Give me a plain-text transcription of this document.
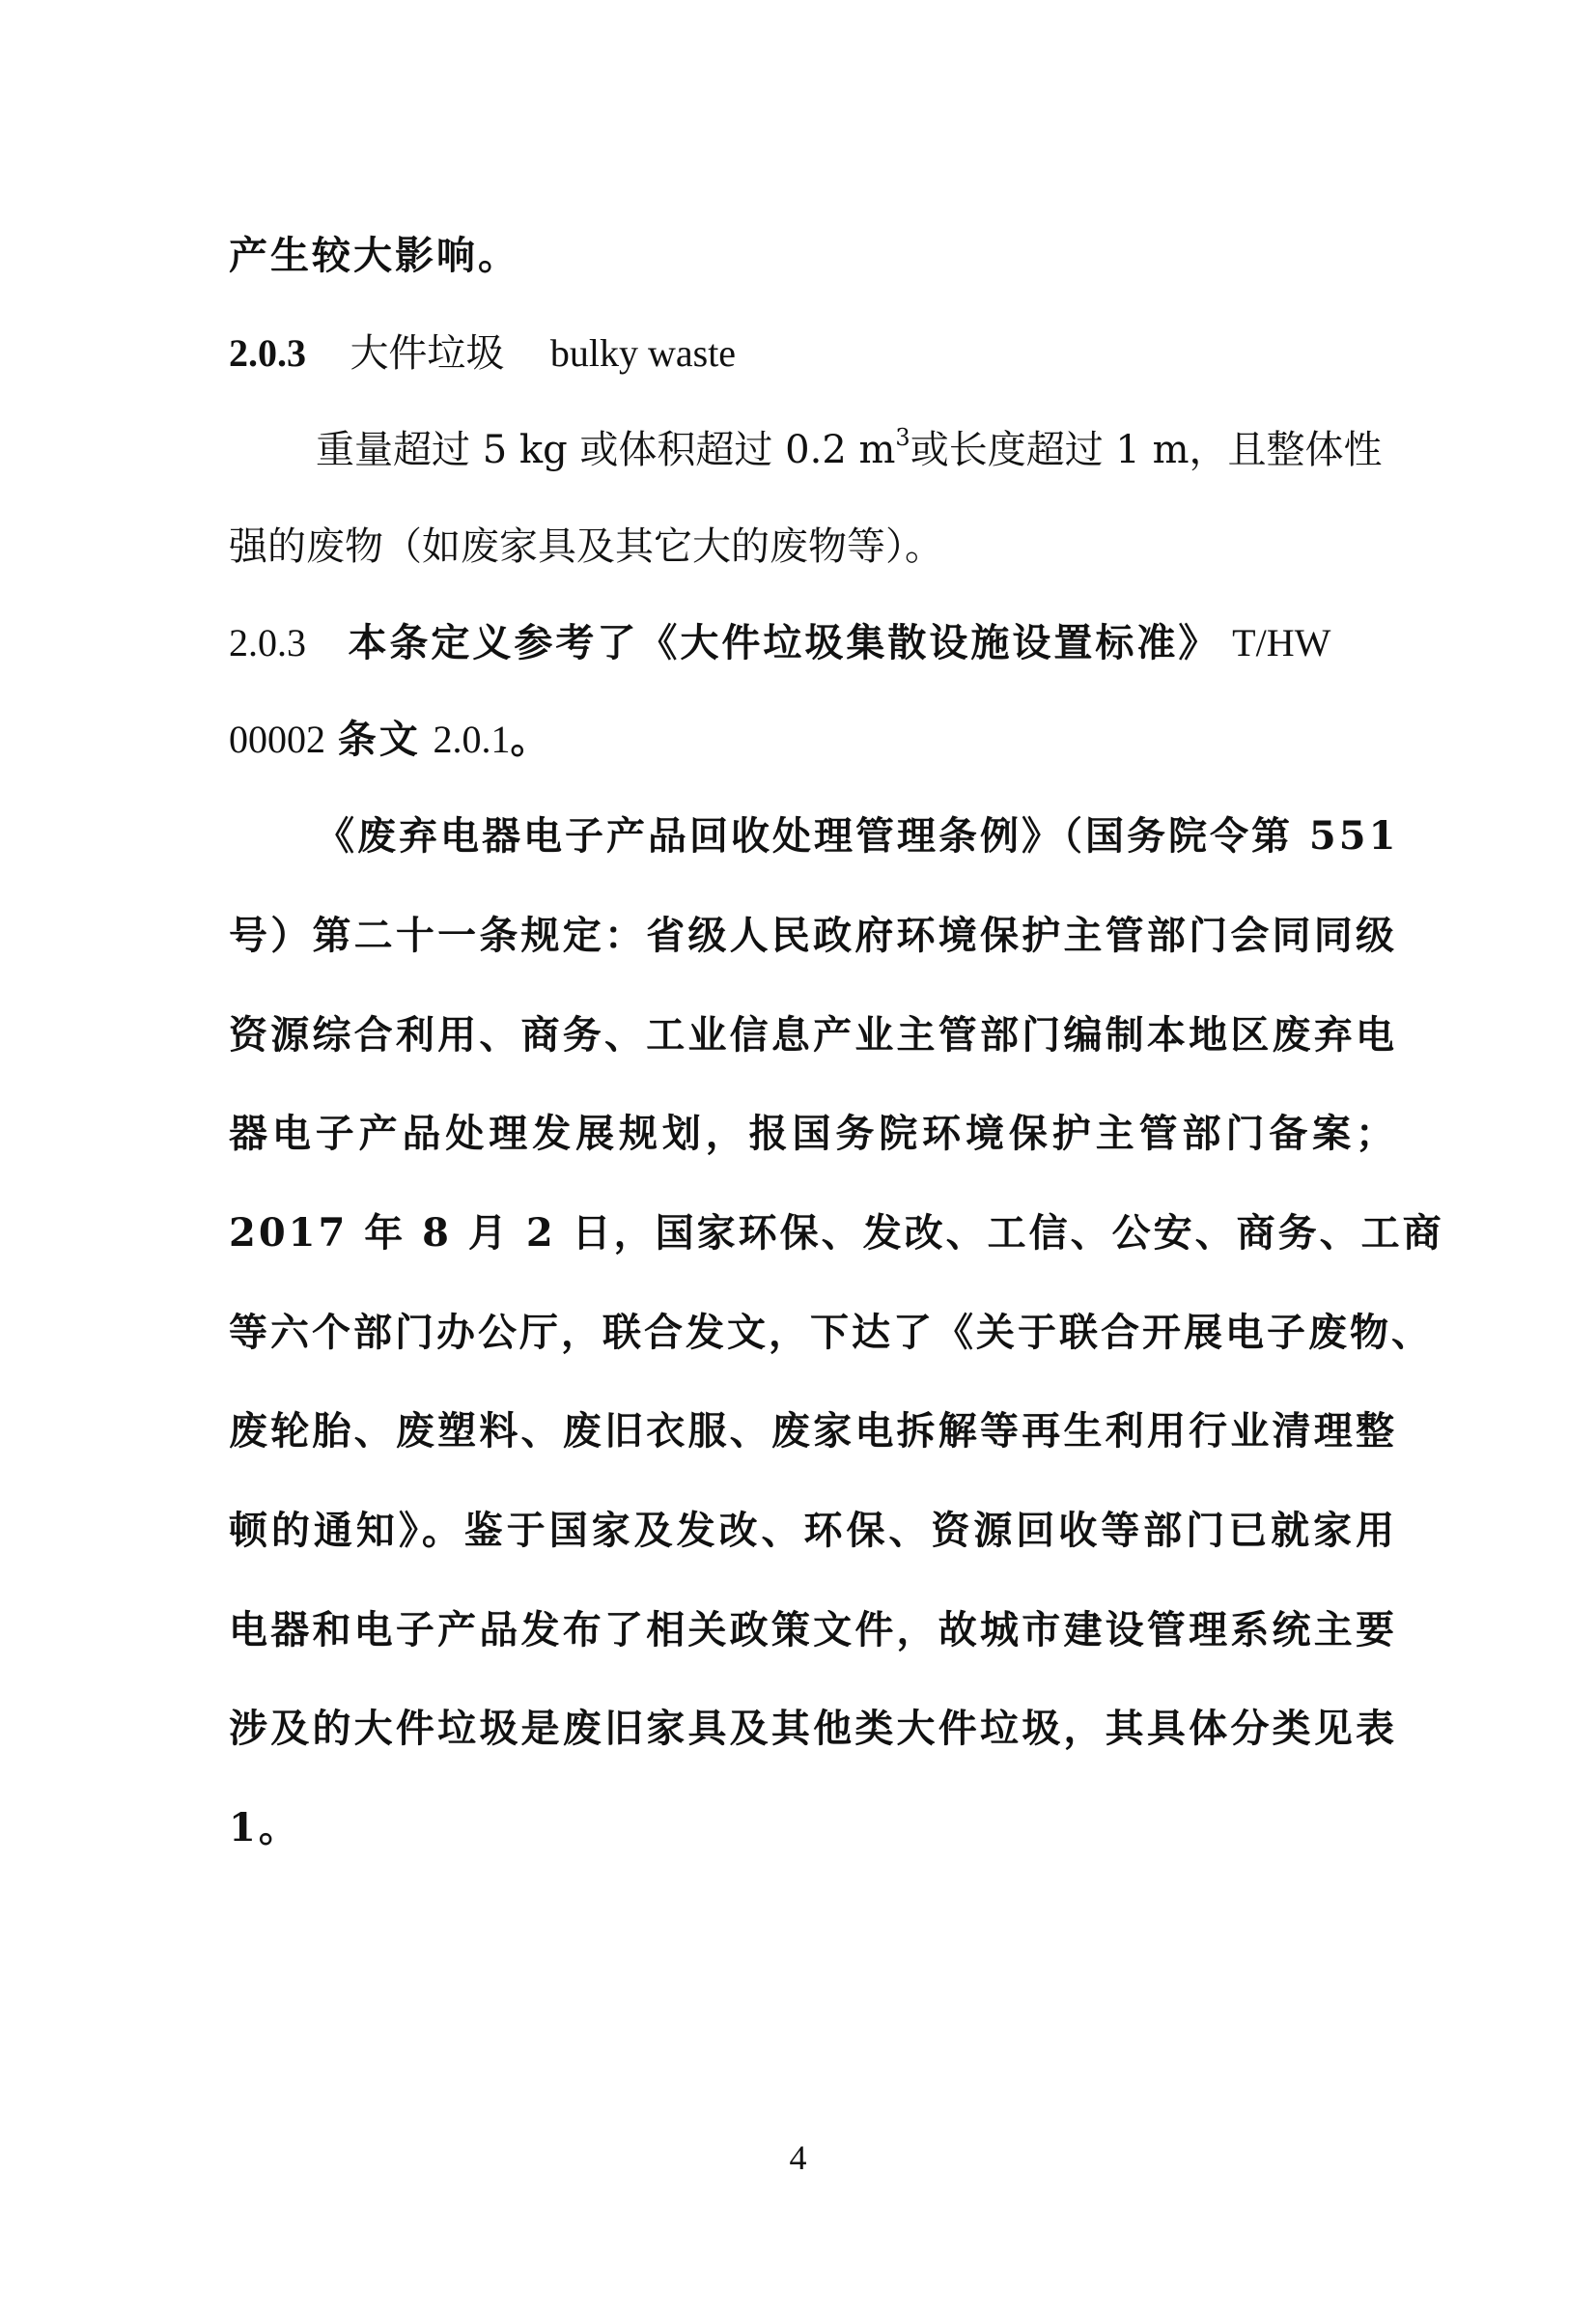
产生较大影响。
2.0.3 大件垃圾 bulky waste
重量超过 5 kg 或体积超过 0.2 $m^3$或长度超过 1 m，且整体性
强的废物（如废家具及其它大的废物等）。
2.0.3 本条定义参考了《大件垃圾集散设施设置标准》 T/HW
00002 条文 2.0.1。
《废弃电器电子产品回收处理管理条例》（国务院令第 551
号）第二十一条规定：省级人民政府环境保护主管部门会同同级
资源综合利用、商务、工业信息产业主管部门编制本地区废弃电
器电子产品处理发展规划，报国务院环境保护主管部门备案；
2017 年 8 月 2 日，国家环保、发改、工信、公安、商务、工商
等六个部门办公厅，联合发文，下达了《关于联合开展电子废物、
废轮胎、废塑料、废旧衣服、废家电拆解等再生利用行业清理整
顿的通知》。鉴于国家及发改、环保、资源回收等部门已就家用
电器和电子产品发布了相关政策文件，故城市建设管理系统主要
涉及的大件垃圾是废旧家具及其他类大件垃圾，其具体分类见表
1。
4
